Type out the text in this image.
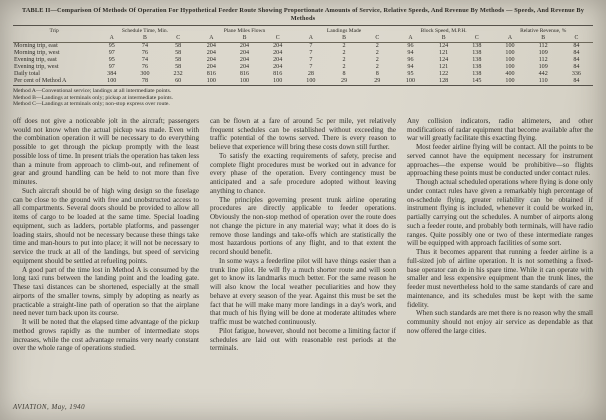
TABLE II—Comparison Of Methods Of Operation For Hypothetical Feeder Route Showing Proportionate Amounts of Service, Relative Speeds, And Revenue By Methods — Speeds, And Revenue By Methods
Trip	Schedule Time, Min.			Plane Miles Flown			Landings Made			Block Speed, M.P.H.			Relative Revenue, %		
	A	B	C	A	B	C	A	B	C	A	B	C	A	B	C
Morning trip, east	95	74	58	204	204	204	7	2	2	96	124	138	100	112	84
Morning trip, west	97	76	58	204	204	204	7	2	2	94	121	138	100	109	84
Evening trip, east	95	74	58	204	204	204	7	2	2	96	124	138	100	112	84
Evening trip, west	97	76	58	204	204	204	7	2	2	94	121	138	100	109	84
Daily total	384	300	232	816	816	816	28	8	8	95	122	138	400	442	336
Per cent of Method A	100	78	60	100	100	100	100	29	29	100	128	145	100	110	84
Method A—Conventional service; landings at all intermediate points.
Method B—Landings at terminals only; pickup at intermediate points.
Method C—Landings at terminals only; non-stop express over route.

off does not give a noticeable jolt in the aircraft; passengers would not know when the actual pickup was made. Even with the combination operation it will be necessary to do everything possible to get through the pickup promptly with the least possible loss of time. In present trials the operation has taken less than a minute from approach to climb-out, and refinement of gear and ground handling can be held to not more than five minutes.

Such aircraft should be of high wing design so the fuselage can be close to the ground with free and unobstructed access to all compartments. Several doors should be provided to allow all items of cargo to be loaded at the same time. Special loading equipment, such as ladders, portable platforms, and passenger loading stairs, should not be necessary because these things take time and man-hours to put into place; it will not be necessary to service the truck at all of the landings, but speed of servicing equipment should be settled at refueling points.

A good part of the time lost in Method A is consumed by the long taxi runs between the landing point and the loading gate. These taxi distances can be shortened, especially at the small airports of the smaller towns, simply by adopting as nearly as practicable a straight-line path of operation so that the airplane need never turn back upon its course.

It will be noted that the elapsed time advantage of the pickup method grows rapidly as the number of intermediate stops increases, while the cost advantage remains very nearly constant over the whole range of operations studied.

can be flown at a fare of around 5c per mile, yet relatively frequent schedules can be established without exceeding the traffic potential of the towns served. There is every reason to believe that experience will bring these costs down still further.

To satisfy the exacting requirements of safety, precise and complete flight procedures must be worked out in advance for every phase of the operation. Every contingency must be anticipated and a safe procedure adopted without leaving anything to chance.

The principles governing present trunk airline operating procedures are directly applicable to feeder operations. Obviously the non-stop method of operation over the route does not change the picture in any material way; what it does do is remove those landings and take-offs which are statistically the most hazardous portions of any flight, and to that extent the record should benefit.

In some ways a feederline pilot will have things easier than a trunk line pilot. He will fly a much shorter route and will soon get to know its landmarks much better. For the same reason he will also know the local weather peculiarities and how they behave at every season of the year. Against this must be set the fact that he will make many more landings in a day's work, and that much of his flying will be done at moderate altitudes where traffic must be watched continuously.

Pilot fatigue, however, should not become a limiting factor if schedules are laid out with reasonable rest periods at the terminals.

Any collision indicators, radio altimeters, and other modifications of radar equipment that become available after the war will greatly facilitate this exacting flying.

Most feeder airline flying will be contact. All the points to be served cannot have the equipment necessary for instrument approaches—the expense would be prohibitive—so flights approaching these points must be conducted under contact rules.

Though actual scheduled operations where flying is done only under contact rules have given a remarkably high percentage of on-schedule flying, greater reliability can be obtained if instrument flying is included, whenever it could be worked in, partially carrying out the schedules. A number of airports along such a feeder route, and probably both terminals, will have radio ranges. Quite possibly one or two of these intermediate ranges will be equipped with approach facilities of some sort.

Thus it becomes apparent that running a feeder airline is a full-sized job of airline operation. It is not something a fixed-base operator can do in his spare time. While it can operate with smaller and less expensive equipment than the trunk lines, the feeder must nevertheless hold to the same standards of care and maintenance, and its schedules must be kept with the same fidelity.

When such standards are met there is no reason why the small community should not enjoy air service as dependable as that now offered the large cities.

AVIATION, May, 1940
